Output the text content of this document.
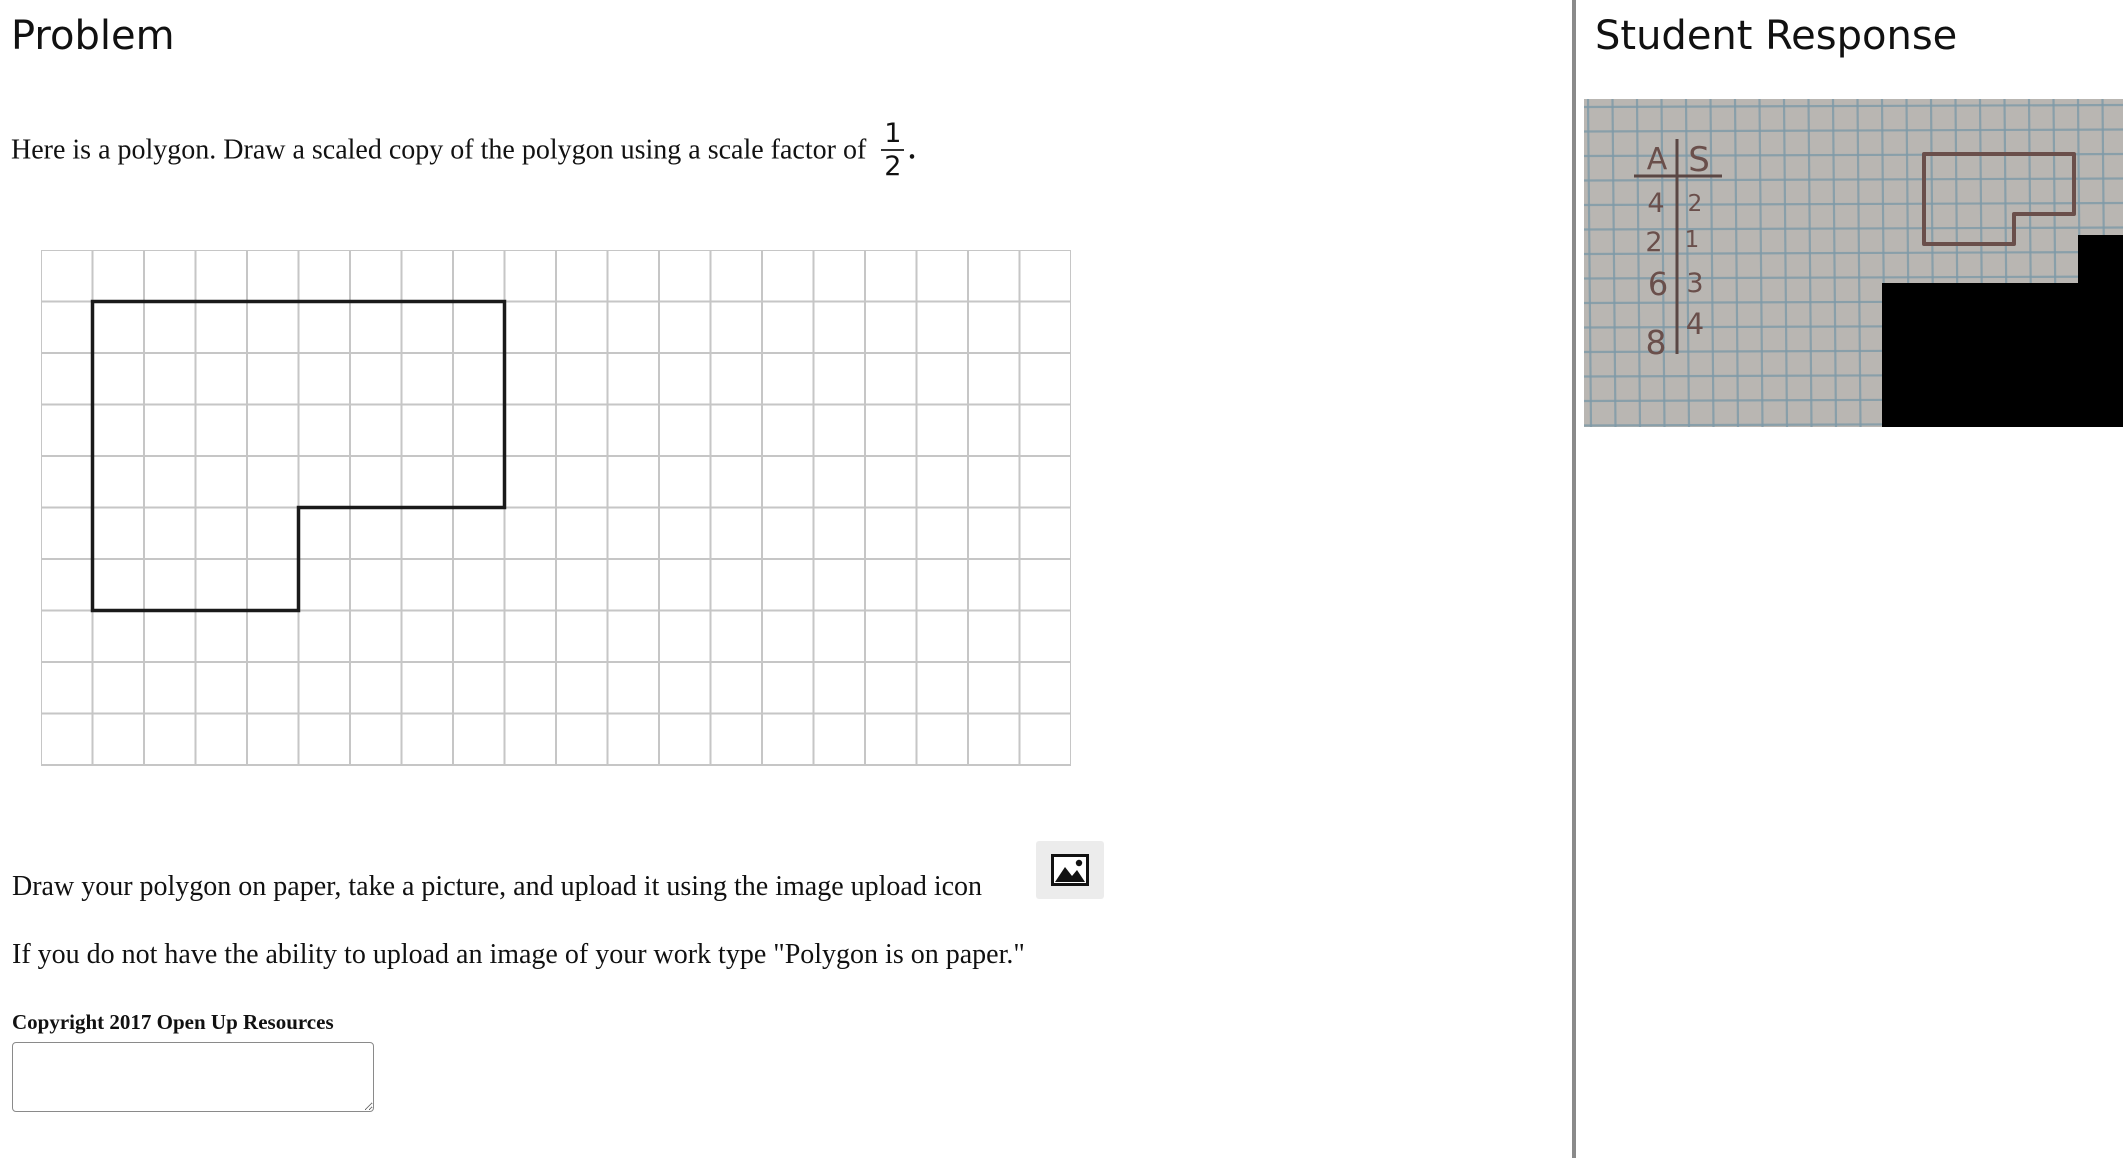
Problem
Here is a polygon. Draw a scaled copy of the polygon using a scale factor of $\frac{1}{2}$ .
Draw your polygon on paper, take a picture, and upload it using the image upload icon
If you do not have the ability to upload an image of your work type "Polygon is on paper."
Copyright 2017 Open Up Resources
Student Response
A S
4 2
2 1
6 3
8 4
